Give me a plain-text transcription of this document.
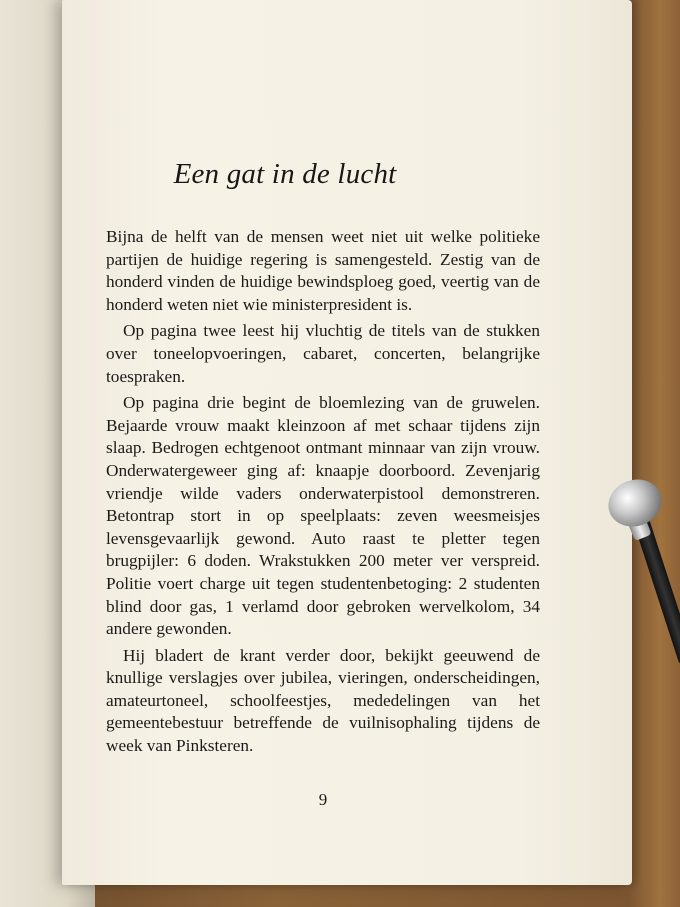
Een gat in de lucht

Bijna de helft van de mensen weet niet uit welke politieke partijen de huidige regering is samengesteld. Zestig van de honderd vinden de huidige bewindsploeg goed, veertig van de honderd weten niet wie ministerpresident is.

Op pagina twee leest hij vluchtig de titels van de stukken over toneelopvoeringen, cabaret, concerten, belangrijke toespraken.

Op pagina drie begint de bloemlezing van de gruwelen. Bejaarde vrouw maakt kleinzoon af met schaar tijdens zijn slaap. Bedrogen echtgenoot ontmant minnaar van zijn vrouw. Onderwatergeweer ging af: knaapje doorboord. Zevenjarig vriendje wilde vaders onderwaterpistool demonstreren. Betontrap stort in op speelplaats: zeven weesmeisjes levensgevaarlijk gewond. Auto raast te pletter tegen brugpijler: 6 doden. Wrakstukken 200 meter ver verspreid. Politie voert charge uit tegen studentenbetoging: 2 studenten blind door gas, 1 verlamd door gebroken wervelkolom, 34 andere gewonden.

Hij bladert de krant verder door, bekijkt geeuwend de knullige verslagjes over jubilea, vieringen, onderscheidingen, amateurtoneel, schoolfeestjes, mededelingen van het gemeentebestuur betreffende de vuilnisophaling tijdens de week van Pinksteren.

9
